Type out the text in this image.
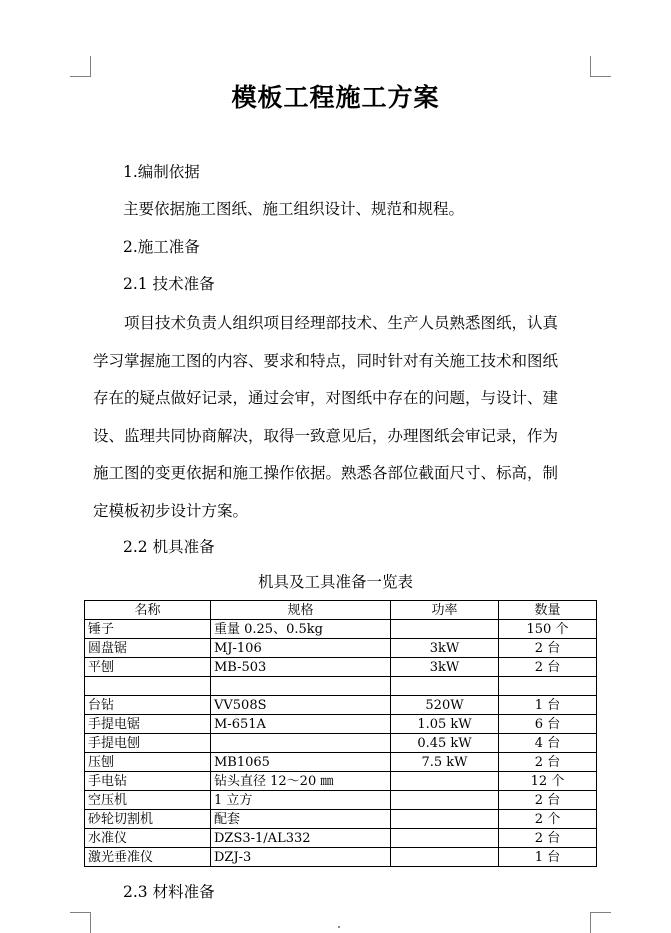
模板工程施工方案
1.编制依据
主要依据施工图纸、施工组织设计、规范和规程。
2.施工准备
2.1 技术准备
项目技术负责人组织项目经理部技术、生产人员熟悉图纸，认真
学习掌握施工图的内容、要求和特点，同时针对有关施工技术和图纸
存在的疑点做好记录，通过会审，对图纸中存在的问题，与设计、建
设、监理共同协商解决，取得一致意见后，办理图纸会审记录，作为
施工图的变更依据和施工操作依据。熟悉各部位截面尺寸、标高，制
定模板初步设计方案。
2.2 机具准备
机具及工具准备一览表
名称	规格	功率	数量
锤子	重量 0.25、0.5kg		150 个
圆盘锯	MJ-106	3kW	2 台
平刨	MB-503	3kW	2 台

台钻	VV508S	520W	1 台
手提电锯	M-651A	1.05 kW	6 台
手提电刨		0.45 kW	4 台
压刨	MB1065	7.5 kW	2 台
手电钻	钻头直径 12～20 ㎜		12 个
空压机	1 立方		2 台
砂轮切割机	配套		2 个
水准仪	DZS3-1/AL332		2 台
激光垂准仪	DZJ-3		1 台
2.3 材料准备
